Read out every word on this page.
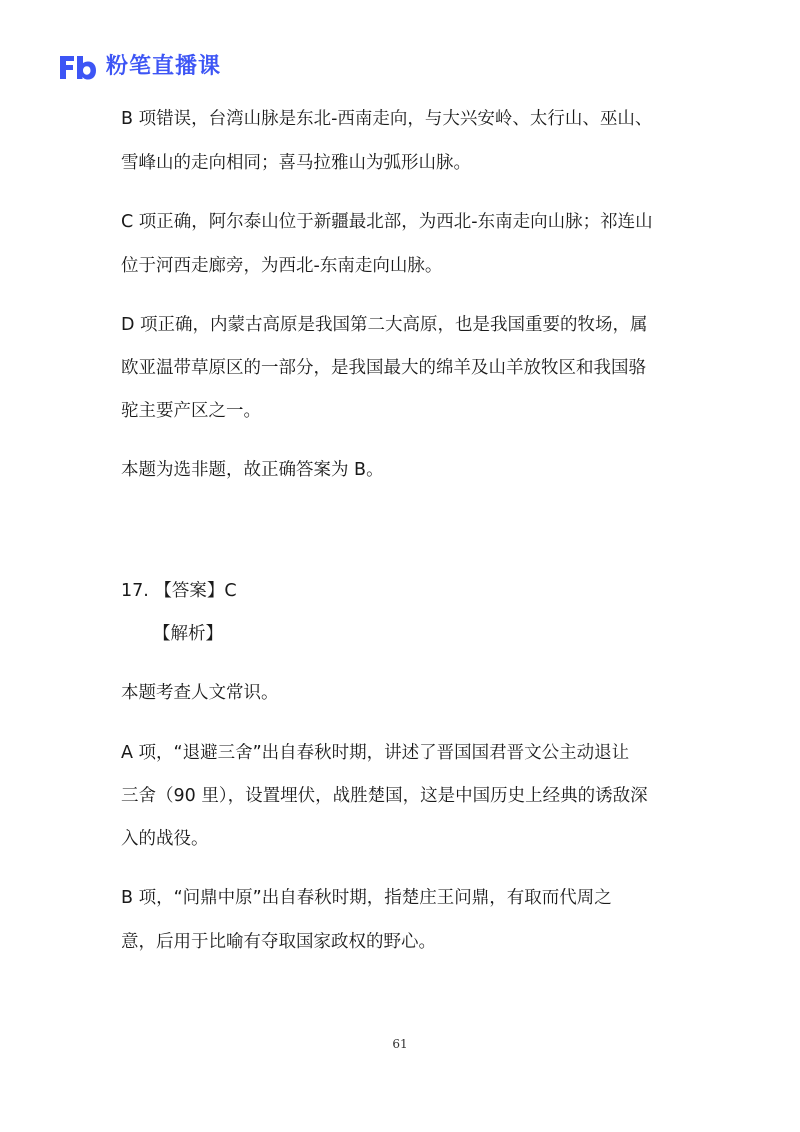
粉笔直播课
B 项错误，台湾山脉是东北-西南走向，与大兴安岭、太行山、巫山、
雪峰山的走向相同；喜马拉雅山为弧形山脉。
C 项正确，阿尔泰山位于新疆最北部，为西北-东南走向山脉；祁连山
位于河西走廊旁，为西北-东南走向山脉。
D 项正确，内蒙古高原是我国第二大高原，也是我国重要的牧场，属
欧亚温带草原区的一部分，是我国最大的绵羊及山羊放牧区和我国骆
驼主要产区之一。
本题为选非题，故正确答案为 B。
17. 【答案】C
【解析】
本题考查人文常识。
A 项，“退避三舍”出自春秋时期，讲述了晋国国君晋文公主动退让
三舍（90 里），设置埋伏，战胜楚国，这是中国历史上经典的诱敌深
入的战役。
B 项，“问鼎中原”出自春秋时期，指楚庄王问鼎，有取而代周之
意，后用于比喻有夺取国家政权的野心。
61
